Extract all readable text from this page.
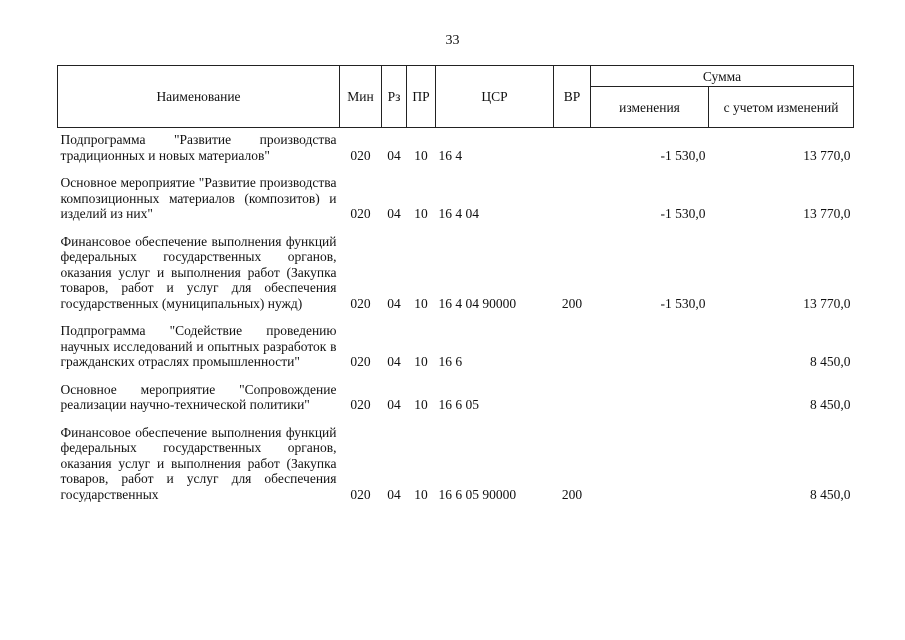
33
Наименование	Мин	Рз	ПР	ЦСР	ВР	Сумма	
						изменения	с учетом изменений

Подпрограмма "Развитие производства традиционных и новых материалов"	020	04	10	16 4		-1 530,0	13 770,0

Основное мероприятие "Развитие производства композиционных материалов (композитов) и изделий из них"	020	04	10	16 4 04		-1 530,0	13 770,0

Финансовое обеспечение выполнения функций федеральных государственных органов, оказания услуг и выполнения работ (Закупка товаров, работ и услуг для обеспечения государственных (муниципальных) нужд)	020	04	10	16 4 04 90000	200	-1 530,0	13 770,0

Подпрограмма "Содействие проведению научных исследований и опытных разработок в гражданских отраслях промышленности"	020	04	10	16 6			8 450,0

Основное мероприятие "Сопровождение реализации научно-технической политики"	020	04	10	16 6 05			8 450,0

Финансовое обеспечение выполнения функций федеральных государственных органов, оказания услуг и выполнения работ (Закупка товаров, работ и услуг для обеспечения государственных	020	04	10	16 6 05 90000	200		8 450,0
